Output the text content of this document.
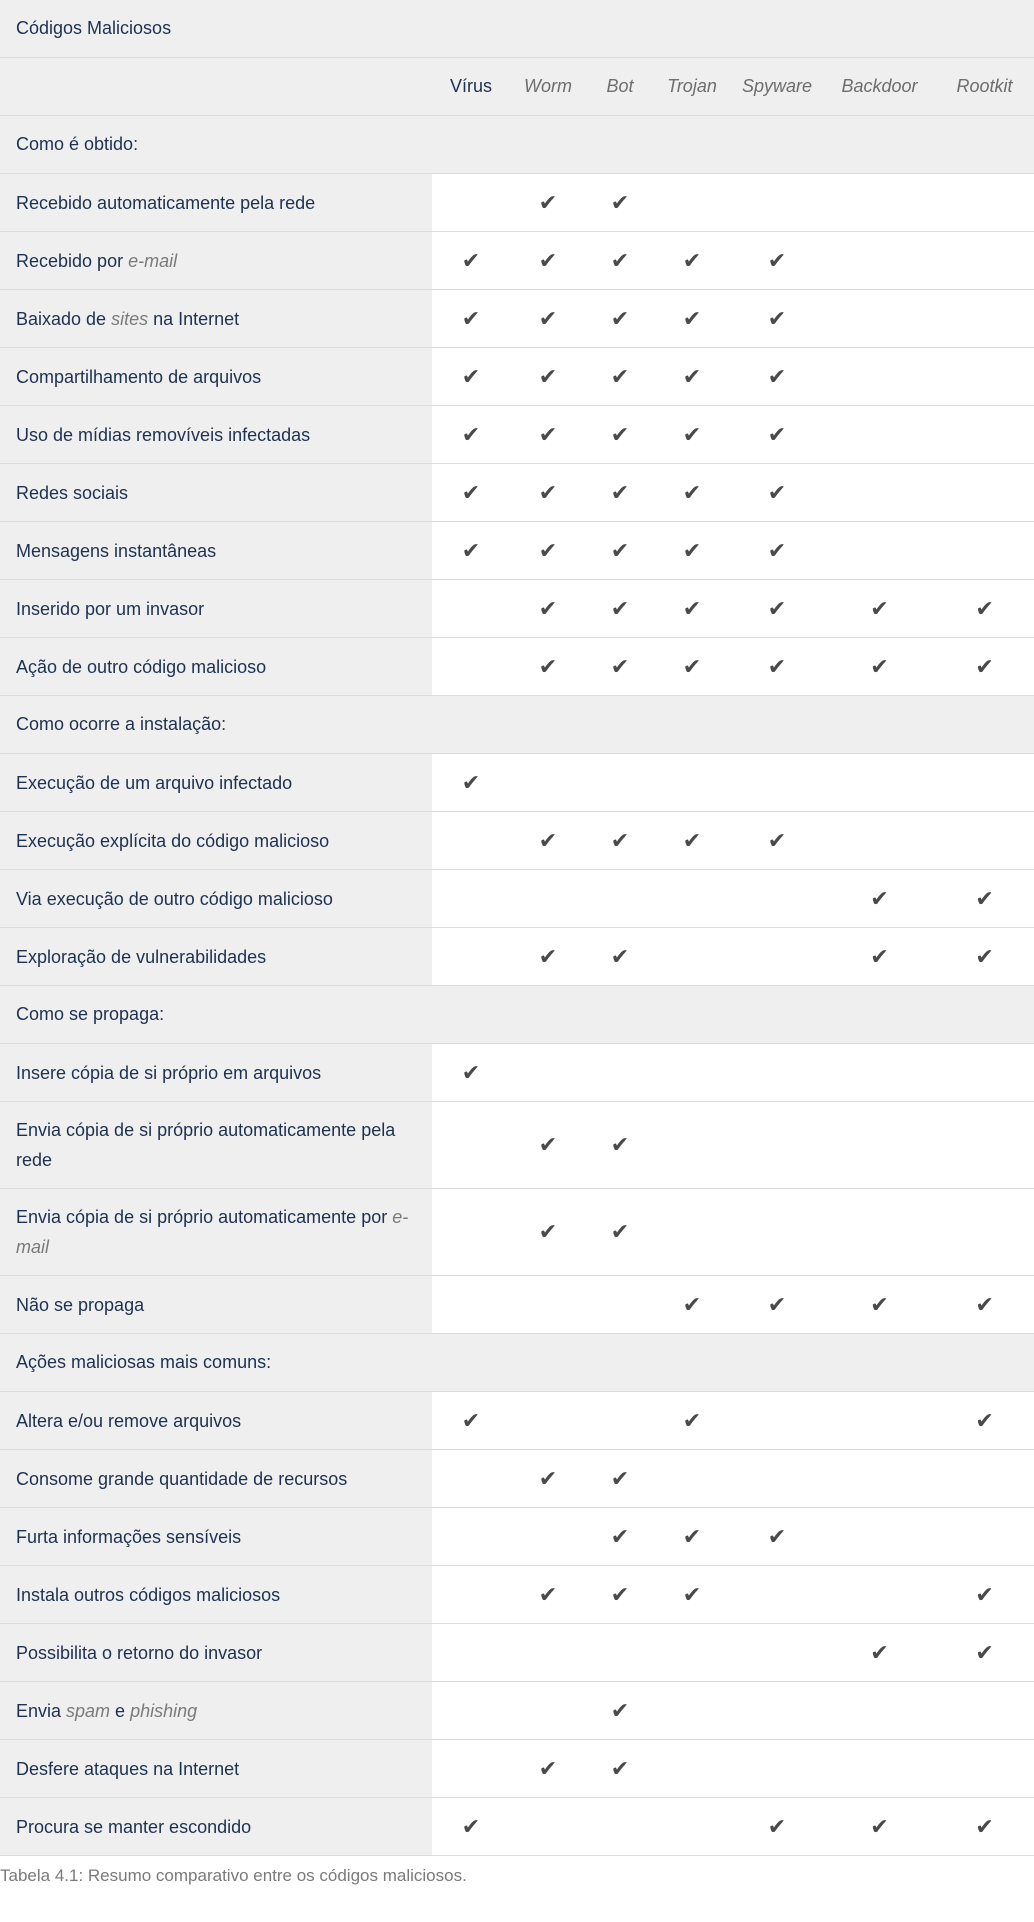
Códigos Maliciosos							
	Vírus	Worm	Bot	Trojan	Spyware	Backdoor	Rootkit
Como é obtido:							
Recebido automaticamente pela rede		✔	✔				
Recebido por e-mail	✔	✔	✔	✔	✔		
Baixado de sites na Internet	✔	✔	✔	✔	✔		
Compartilhamento de arquivos	✔	✔	✔	✔	✔		
Uso de mídias removíveis infectadas	✔	✔	✔	✔	✔		
Redes sociais	✔	✔	✔	✔	✔		
Mensagens instantâneas	✔	✔	✔	✔	✔		
Inserido por um invasor		✔	✔	✔	✔	✔	✔
Ação de outro código malicioso		✔	✔	✔	✔	✔	✔
Como ocorre a instalação:							
Execução de um arquivo infectado	✔						
Execução explícita do código malicioso		✔	✔	✔	✔		
Via execução de outro código malicioso						✔	✔
Exploração de vulnerabilidades		✔	✔			✔	✔
Como se propaga:							
Insere cópia de si próprio em arquivos	✔						
Envia cópia de si próprio automaticamente pela rede		✔	✔				
Envia cópia de si próprio automaticamente por e-mail		✔	✔				
Não se propaga				✔	✔	✔	✔
Ações maliciosas mais comuns:							
Altera e/ou remove arquivos	✔			✔			✔
Consome grande quantidade de recursos		✔	✔				
Furta informações sensíveis			✔	✔	✔		
Instala outros códigos maliciosos		✔	✔	✔			✔
Possibilita o retorno do invasor						✔	✔
Envia spam e phishing			✔				
Desfere ataques na Internet		✔	✔				
Procura se manter escondido	✔				✔	✔	✔
Tabela 4.1: Resumo comparativo entre os códigos maliciosos.
